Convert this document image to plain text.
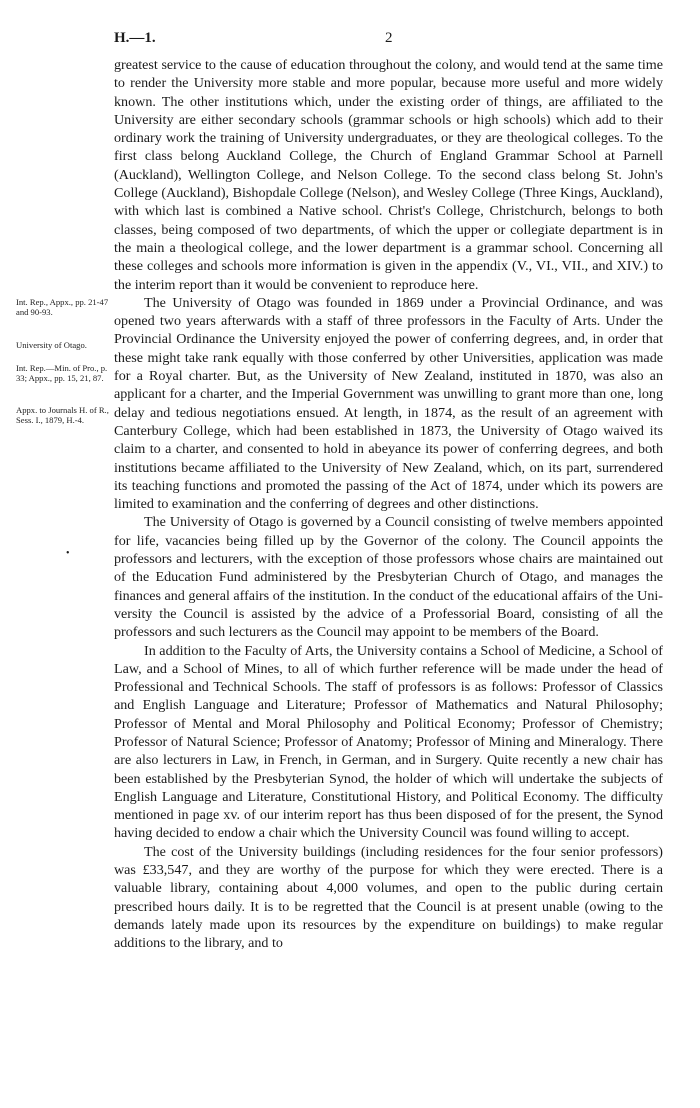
H.—1.	2

greatest service to the cause of education throughout the colony, and would tend at the same time to render the University more stable and more popular, because more useful and more widely known. The other institutions which, under the existing order of things, are affiliated to the University are either secondary schools (grammar schools or high schools) which add to their ordinary work the training of University undergraduates, or they are theological colleges. To the first class belong Auckland College, the Church of England Grammar School at Parnell (Auckland), Wellington College, and Nelson College. To the second class belong St. John's College (Auckland), Bishopdale College (Nelson), and Wesley College (Three Kings, Auckland), with which last is combined a Native school. Christ's College, Christchurch, belongs to both classes, being composed of two departments, of which the upper or collegiate department is in the main a theological college, and the lower department is a grammar school. Concerning all these colleges and schools more information is given in the appendix (V., VI., VII., and XIV.) to the interim report than it would be convenient to reproduce here.

The University of Otago was founded in 1869 under a Provincial Ordinance, and was opened two years afterwards with a staff of three professors in the Faculty of Arts. Under the Provincial Ordinance the University enjoyed the power of conferring degrees, and, in order that these might take rank equally with those conferred by other Universities, application was made for a Royal charter. But, as the University of New Zealand, instituted in 1870, was also an applicant for a charter, and the Imperial Government was unwilling to grant more than one, long delay and tedious negotiations ensued. At length, in 1874, as the result of an agreement with Canterbury College, which had been established in 1873, the University of Otago waived its claim to a charter, and consented to hold in abeyance its power of conferring degrees, and both institutions became affiliated to the University of New Zealand, which, on its part, surrendered its teaching functions and promoted the passing of the Act of 1874, under which its powers are limited to examination and the conferring of degrees and other distinctions.

The University of Otago is governed by a Council consisting of twelve members appointed for life, vacancies being filled up by the Governor of the colony. The Council appoints the professors and lecturers, with the exception of those professors whose chairs are maintained out of the Education Fund administered by the Presbyterian Church of Otago, and manages the finances and general affairs of the institution. In the conduct of the educational affairs of the University the Council is assisted by the advice of a Professorial Board, consisting of all the professors and such lecturers as the Council may appoint to be members of the Board.

In addition to the Faculty of Arts, the University contains a School of Medicine, a School of Law, and a School of Mines, to all of which further reference will be made under the head of Professional and Technical Schools. The staff of professors is as follows: Professor of Classics and English Language and Literature; Professor of Mathematics and Natural Philosophy; Professor of Mental and Moral Philosophy and Political Economy; Professor of Chemistry; Professor of Natural Science; Professor of Anatomy; Professor of Mining and Mineralogy. There are also lecturers in Law, in French, in German, and in Surgery. Quite recently a new chair has been established by the Presbyterian Synod, the holder of which will undertake the subjects of English Language and Literature, Constitutional History, and Political Economy. The difficulty mentioned in page xv. of our interim report has thus been disposed of for the present, the Synod having decided to endow a chair which the University Council was found willing to accept.

The cost of the University buildings (including residences for the four senior professors) was £33,547, and they are worthy of the purpose for which they were erected. There is a valuable library, containing about 4,000 volumes, and open to the public during certain prescribed hours daily. It is to be regretted that the Council is at present unable (owing to the demands lately made upon its resources by the expenditure on buildings) to make regular additions to the library, and to

Int. Rep., Appx., pp. 21-47 and 90-93.
University of Otago.
Int. Rep.—Min. of Pro., p. 33; Appx., pp. 15, 21, 87.
Appx. to Journals H. of R., Sess. I., 1879, H.-4.
•
